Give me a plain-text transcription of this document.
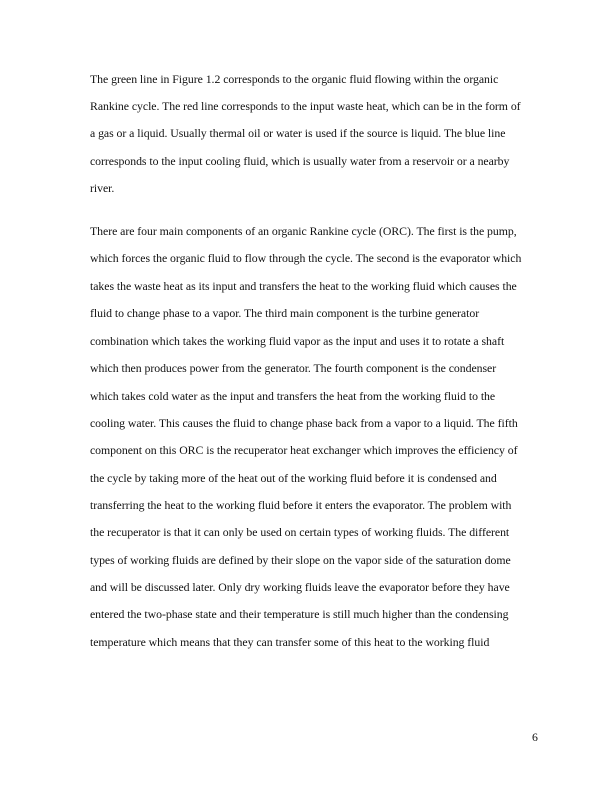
The green line in Figure 1.2 corresponds to the organic fluid flowing within the organic
Rankine cycle. The red line corresponds to the input waste heat, which can be in the form of
a gas or a liquid. Usually thermal oil or water is used if the source is liquid. The blue line
corresponds to the input cooling fluid, which is usually water from a reservoir or a nearby
river.
There are four main components of an organic Rankine cycle (ORC). The first is the pump,
which forces the organic fluid to flow through the cycle. The second is the evaporator which
takes the waste heat as its input and transfers the heat to the working fluid which causes the
fluid to change phase to a vapor. The third main component is the turbine generator
combination which takes the working fluid vapor as the input and uses it to rotate a shaft
which then produces power from the generator. The fourth component is the condenser
which takes cold water as the input and transfers the heat from the working fluid to the
cooling water. This causes the fluid to change phase back from a vapor to a liquid. The fifth
component on this ORC is the recuperator heat exchanger which improves the efficiency of
the cycle by taking more of the heat out of the working fluid before it is condensed and
transferring the heat to the working fluid before it enters the evaporator. The problem with
the recuperator is that it can only be used on certain types of working fluids. The different
types of working fluids are defined by their slope on the vapor side of the saturation dome
and will be discussed later. Only dry working fluids leave the evaporator before they have
entered the two-phase state and their temperature is still much higher than the condensing
temperature which means that they can transfer some of this heat to the working fluid
6
